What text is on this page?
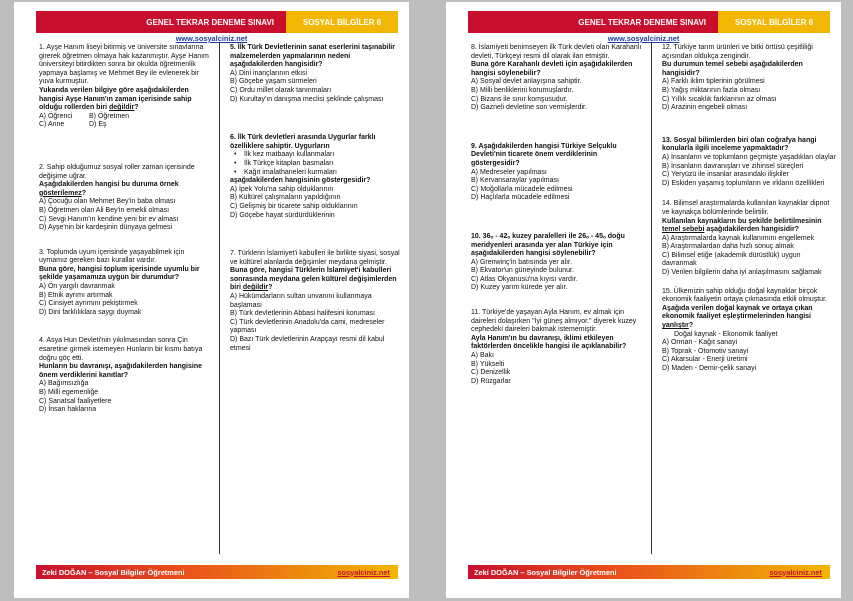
GENEL TEKRAR DENEME SINAVI	SOSYAL BİLGİLER 6
www.sosyalciniz.net
1. Ayşe Hanım liseyi bitirmiş ve üniversite sınavlarına girerek öğretmen olmaya hak kazanmıştır. Ayşe Hanım üniversiteyi bitirdikten sonra bir okulda öğretmenlik yapmaya başlamış ve Mehmet Bey ile evlenerek bir yuva kurmuştur.
Yukarıda verilen bilgiye göre aşağıdakilerden hangisi Ayşe Hanım'ın zaman içerisinde sahip olduğu rollerden biri değildir?
A) Öğrenci	B) Öğretmen
C) Anne	D) Eş
2. Sahip olduğumuz sosyal roller zaman içerisinde değişime uğrar.
Aşağıdakilerden hangisi bu duruma örnek gösterilemez?
A) Çocuğu olan Mehmet Bey'in baba olması
B) Öğretmen olan Ali Bey'in emekli olması
C) Sevgi Hanım'ın kendine yeni bir ev alması
D) Ayşe'nin bir kardeşinin dünyaya gelmesi
3. Toplumda uyum içerisinde yaşayabilmek için uymamız gereken bazı kurallar vardır.
Buna göre, hangisi toplum içerisinde uyumlu bir şekilde yaşamamıza uygun bir durumdur?
A) Ön yargılı davranmak
B) Etnik ayrımı artırmak
C) Cinsiyet ayrımını pekiştirmek
D) Dini farklılıklara saygı duymak
4. Asya Hun Devleti'nin yıkılmasından sonra Çin esaretine girmek istemeyen Hunların bir kısmı batıya doğru göç etti.
Hunların bu davranışı, aşağıdakilerden hangisine önem verdiklerini kanıtlar?
A) Bağımsızlığa
B) Milli egemenliğe
C) Sanatsal faaliyetlere
D) İnsan haklarına
5. İlk Türk Devletlerinin sanat eserlerini taşınabilir malzemelerden yapmalarının nedeni aşağıdakilerden hangisidir?
A) Dini inançlarının etkisi
B) Göçebe yaşam sürmeleri
C) Ordu millet olarak tanınmaları
D) Kurultay'ın danışma meclisi şeklinde çalışması
6. İlk Türk devletleri arasında Uygurlar farklı özelliklere sahiptir. Uygurların
• İlk kez matbaayı kullanmaları
• İlk Türkçe kitapları basmaları
• Kağıt imalathaneleri kurmaları
aşağıdakilerden hangisinin göstergesidir?
A) İpek Yolu'na sahip olduklarının
B) Kültürel çalışmaların yapıldığının
C) Gelişmiş bir ticarete sahip olduklarının
D) Göçebe hayat sürdürdüklerinin
7. Türklerin İslamiyet'i kabulleri ile birlikte siyasi, sosyal ve kültürel alanlarda değişimler meydana gelmiştir.
Buna göre, hangisi Türklerin İslamiyet'i kabulleri sonrasında meydana gelen kültürel değişimlerden biri değildir?
A) Hükümdarların sultan unvanını kullanmaya başlaması
B) Türk devletlerinin Abbasi halifesini koruması
C) Türk devletlerinin Anadolu'da cami, medreseler yapması
D) Bazı Türk devletlerinin Arapçayı resmi dil kabul etmesi
Zeki DOĞAN – Sosyal Bilgiler Öğretmeni	sosyalciniz.net
GENEL TEKRAR DENEME SINAVI	SOSYAL BİLGİLER 6
www.sosyalciniz.net
8. İslamiyeti benimseyen ilk Türk devleti olan Karahanlı devleti, Türkçeyi resmi dil olarak ilan etmiştir.
Buna göre Karahanlı devleti için aşağıdakilerden hangisi söylenebilir?
A) Sosyal devlet anlayışına sahiptir.
B) Milli benliklerini korumuşlardır.
C) Bizans ile sınır komşusudur.
D) Gazneli devletine son vermişlerdir.
9. Aşağıdakilerden hangisi Türkiye Selçuklu Devleti'nin ticarete önem verdiklerinin göstergesidir?
A) Medreseler yapılması
B) Kervansaraylar yapılması
C) Moğollarla mücadele edilmesi
D) Haçlılarla mücadele edilmesi
10. 36ₒ - 42ₒ kuzey paralelleri ile 26ₒ - 45ₒ doğu meridyenleri arasında yer alan Türkiye için aşağıdakilerden hangisi söylenebilir?
A) Grenwinç'in batısında yer alır.
B) Ekvator'un güneyinde bulunur.
C) Atlas Okyanusu'na kıyısı vardır.
D) Kuzey yarım kürede yer alır.
11. Türkiye'de yaşayan Ayla Hanım, ev almak için daireleri dolaşırken "İyi güneş almıyor." diyerek kuzey cephedeki daireleri bakmak istememiştir.
Ayla Hanım'ın bu davranışı, iklimi etkileyen faktörlerden öncelikle hangisi ile açıklanabilir?
A) Bakı
B) Yükselti
C) Denizellik
D) Rüzgarlar
12. Türkiye tarım ürünleri ve bitki örtüsü çeşitliliği açısından oldukça zengindir.
Bu durumun temel sebebi aşağıdakilerden hangisidir?
A) Farklı iklim tiplerinin görülmesi
B) Yağış miktarının fazla olması
C) Yıllık sıcaklık farklarının az olması
D) Arazinin engebeli olması
13. Sosyal bilimlerden biri olan coğrafya hangi konularla ilgili inceleme yapmaktadır?
A) İnsanların ve toplumların geçmişte yaşadıkları olaylar
B) İnsanların davranışları ve zihinsel süreçleri
C) Yeryüzü ile insanlar arasındaki ilişkiler
D) Eskiden yaşamış toplumların ve ırkların özellikleri
14. Bilimsel araştırmalarda kullanılan kaynaklar dipnot ve kaynakça bölümlerinde belirtilir.
Kullanılan kaynakların bu şekilde belirtilmesinin temel sebebi aşağıdakilerden hangisidir?
A) Araştırmalarda kaynak kullanımını engellemek
B) Araştırmalardan daha hızlı sonuç almak
C) Bilimsel etiğe (akademik dürüstlük) uygun davranmak
D) Verilen bilgilerin daha iyi anlaşılmasını sağlamak
15. Ülkemizin sahip olduğu doğal kaynaklar birçok ekonomik faaliyetin ortaya çıkmasında etkili olmuştur.
Aşağıda verilen doğal kaynak ve ortaya çıkan ekonomik faaliyet eşleştirmelerinden hangisi yanlıştır?
Doğal kaynak - Ekonomik faaliyet
A) Orman - Kağıt sanayi
B) Toprak - Otomotiv sanayi
C) Akarsular - Enerji üretimi
D) Maden - Demir-çelik sanayi
Zeki DOĞAN – Sosyal Bilgiler Öğretmeni	sosyalciniz.net
